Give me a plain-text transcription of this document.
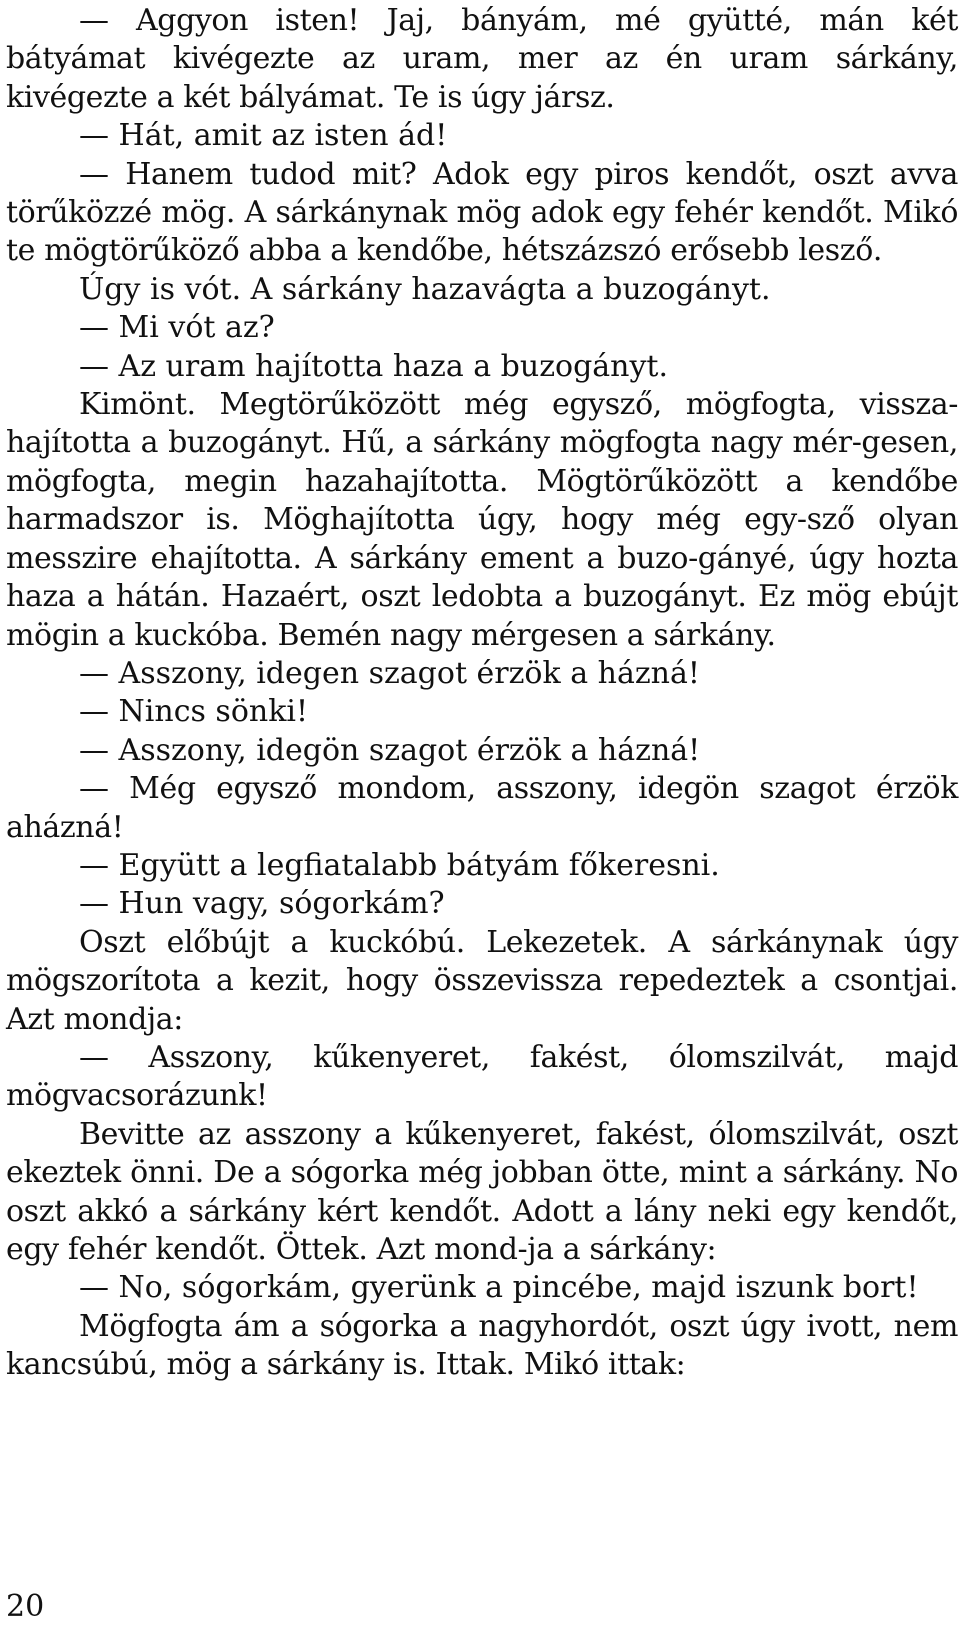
— Aggyon isten! Jaj, bányám, mé gyütté, mán két bátyámat kivégezte az uram, mer az én uram sárkány, kivégezte a két bályámat. Te is úgy jársz.

— Hát, amit az isten ád!

— Hanem tudod mit? Adok egy piros kendőt, oszt avva törűközzé mög. A sárkánynak mög adok egy fehér kendőt. Mikó te mögtörűköző abba a kendőbe, hétszázszó erősebb lesző.

Úgy is vót. A sárkány hazavágta a buzogányt.

— Mi vót az?

— Az uram hajította haza a buzogányt.

Kimönt. Megtörűközött még egysző, mögfogta, vissza-hajította a buzogányt. Hű, a sárkány mögfogta nagy mér-gesen, mögfogta, megin hazahajította. Mögtörűközött a kendőbe harmadszor is. Möghajította úgy, hogy még egy-sző olyan messzire ehajította. A sárkány ement a buzo-gányé, úgy hozta haza a hátán. Hazaért, oszt ledobta a buzogányt. Ez mög ebújt mögin a kuckóba. Bemén nagy mérgesen a sárkány.

— Asszony, idegen szagot érzök a házná!

— Nincs sönki!

— Asszony, idegön szagot érzök a házná!

— Még egysző mondom, asszony, idegön szagot érzök aházná!

— Együtt a legfiatalabb bátyám főkeresni.

— Hun vagy, sógorkám?

Oszt előbújt a kuckóbú. Lekezetek. A sárkánynak úgy mögszorítota a kezit, hogy összevissza repedeztek a csontjai. Azt mondja:

— Asszony, kűkenyeret, fakést, ólomszilvát, majd mögvacsorázunk!

Bevitte az asszony a kűkenyeret, fakést, ólomszilvát, oszt ekeztek önni. De a sógorka még jobban ötte, mint a sárkány. No oszt akkó a sárkány kért kendőt. Adott a lány neki egy kendőt, egy fehér kendőt. Öttek. Azt mond-ja a sárkány:

— No, sógorkám, gyerünk a pincébe, majd iszunk bort!

Mögfogta ám a sógorka a nagyhordót, oszt úgy ivott, nem kancsúbú, mög a sárkány is. Ittak. Mikó ittak:

20
